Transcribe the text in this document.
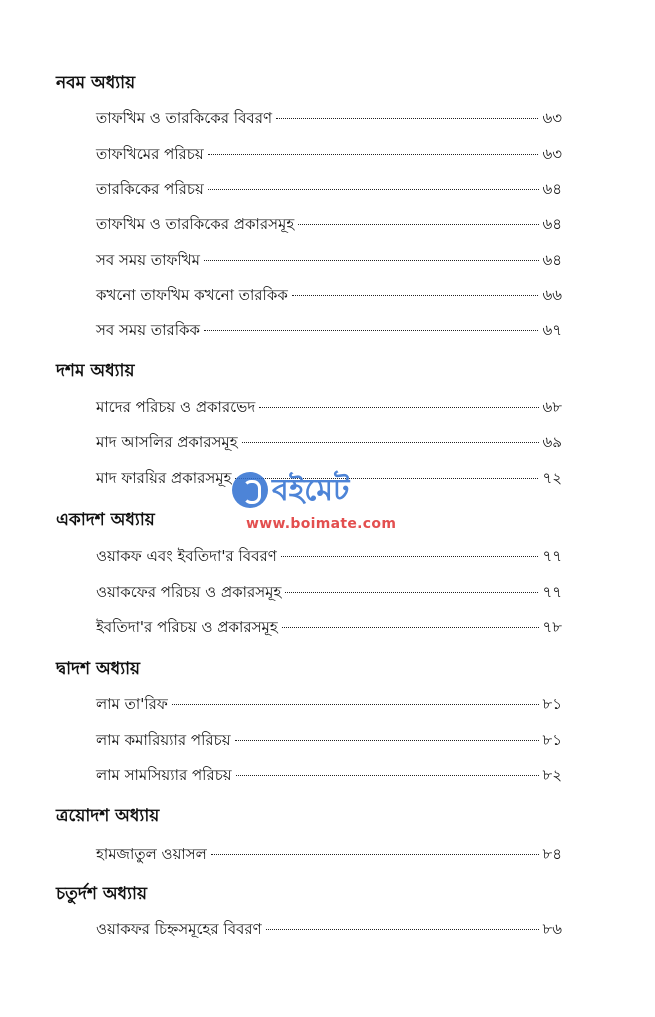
নবম অধ্যায়
তাফখিম ও তারকিকের বিবরণ	৬৩
তাফখিমের পরিচয়	৬৩
তারকিকের পরিচয়	৬৪
তাফখিম ও তারকিকের প্রকারসমূহ	৬৪
সব সময় তাফখিম	৬৪
কখনো তাফখিম কখনো তারকিক	৬৬
সব সময় তারকিক	৬৭
দশম অধ্যায়
মাদের পরিচয় ও প্রকারভেদ	৬৮
মাদ আসলির প্রকারসমূহ	৬৯
মাদ ফারয়ির প্রকারসমূহ	৭২
একাদশ অধ্যায়
ওয়াকফ এবং ইবতিদা'র বিবরণ	৭৭
ওয়াকফের পরিচয় ও প্রকারসমূহ	৭৭
ইবতিদা'র পরিচয় ও প্রকারসমূহ	৭৮
দ্বাদশ অধ্যায়
লাম তা'রিফ	৮১
লাম কমারিয়্যার পরিচয়	৮১
লাম সামসিয়্যার পরিচয়	৮২
ত্রয়োদশ অধ্যায়
হামজাতুল ওয়াসল	৮৪
চতুর্দশ অধ্যায়
ওয়াকফর চিহ্নসমূহের বিবরণ	৮৬
বইমেট
www.boimate.com
